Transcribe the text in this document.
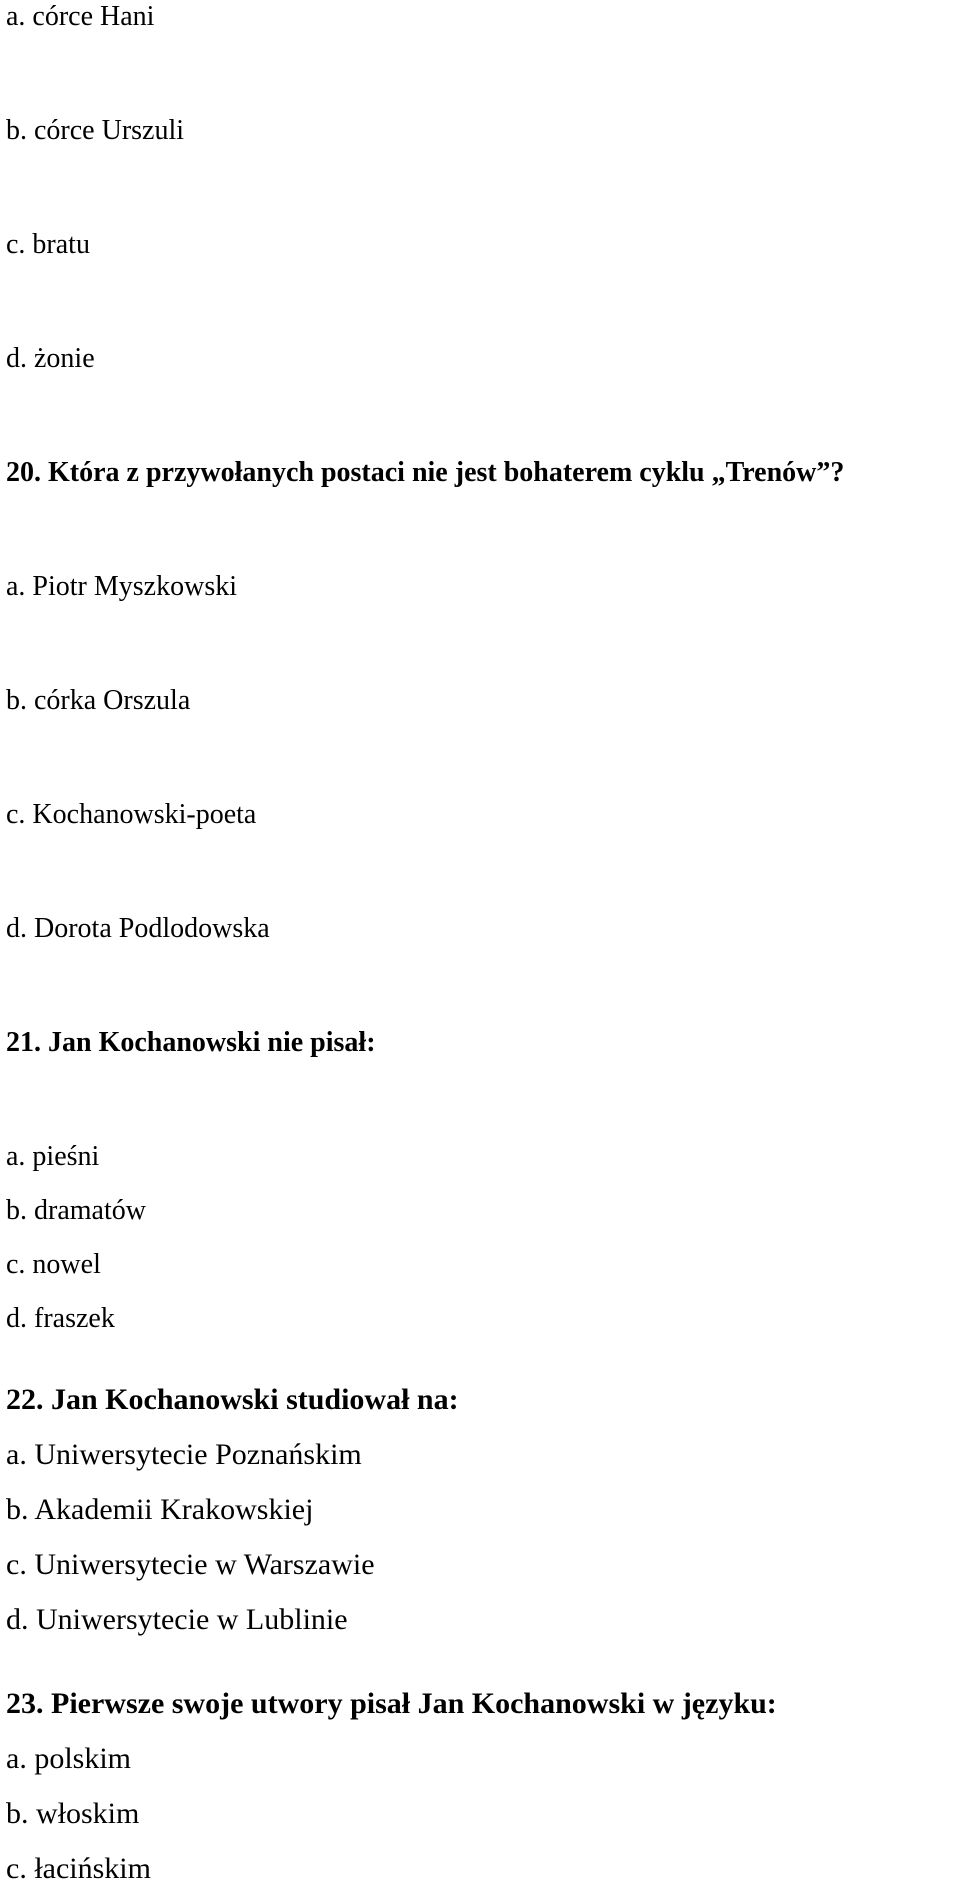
a. córce Hani

b. córce Urszuli

c. bratu

d. żonie

20. Która z przywołanych postaci nie jest bohaterem cyklu „Trenów”?

a. Piotr Myszkowski

b. córka Orszula

c. Kochanowski-poeta

d. Dorota Podlodowska

21. Jan Kochanowski nie pisał:

a. pieśni

b. dramatów

c. nowel

d. fraszek

22. Jan Kochanowski studiował na:

a. Uniwersytecie Poznańskim

b. Akademii Krakowskiej

c. Uniwersytecie w Warszawie

d. Uniwersytecie w Lublinie

23. Pierwsze swoje utwory pisał Jan Kochanowski w języku:

a. polskim

b. włoskim

c. łacińskim
